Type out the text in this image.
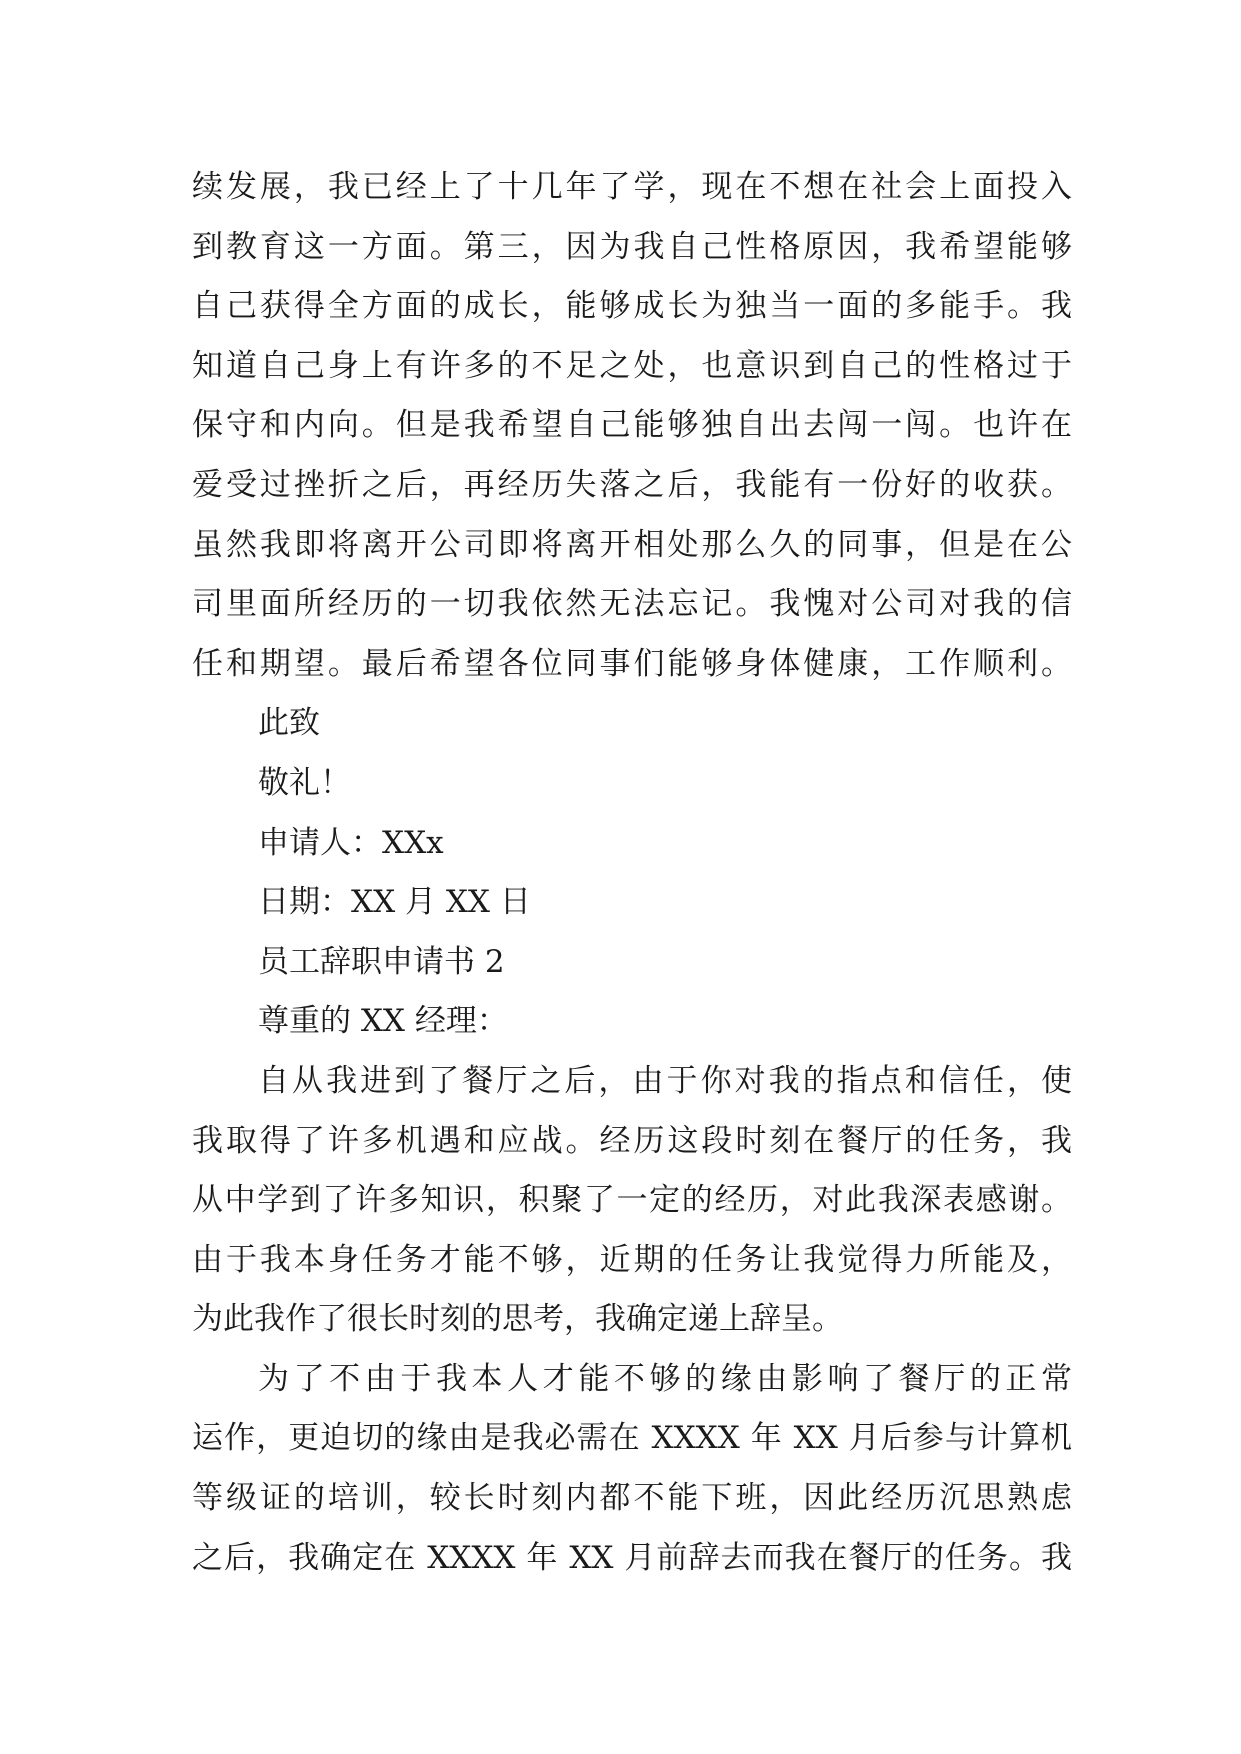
续发展，我已经上了十几年了学，现在不想在社会上面投入
到教育这一方面。第三，因为我自己性格原因，我希望能够
自己获得全方面的成长，能够成长为独当一面的多能手。我
知道自己身上有许多的不足之处，也意识到自己的性格过于
保守和内向。但是我希望自己能够独自出去闯一闯。也许在
爱受过挫折之后，再经历失落之后，我能有一份好的收获。
虽然我即将离开公司即将离开相处那么久的同事，但是在公
司里面所经历的一切我依然无法忘记。我愧对公司对我的信
任和期望。最后希望各位同事们能够身体健康，工作顺利。
此致
敬礼！
申请人：XXx
日期：XX 月 XX 日
员工辞职申请书 2
尊重的 XX 经理：
自从我进到了餐厅之后，由于你对我的指点和信任，使
我取得了许多机遇和应战。经历这段时刻在餐厅的任务，我
从中学到了许多知识，积聚了一定的经历，对此我深表感谢。
由于我本身任务才能不够，近期的任务让我觉得力所能及，
为此我作了很长时刻的思考，我确定递上辞呈。
为了不由于我本人才能不够的缘由影响了餐厅的正常
运作，更迫切的缘由是我必需在 XXXX 年 XX 月后参与计算机
等级证的培训，较长时刻内都不能下班，因此经历沉思熟虑
之后，我确定在 XXXX 年 XX 月前辞去而我在餐厅的任务。我
